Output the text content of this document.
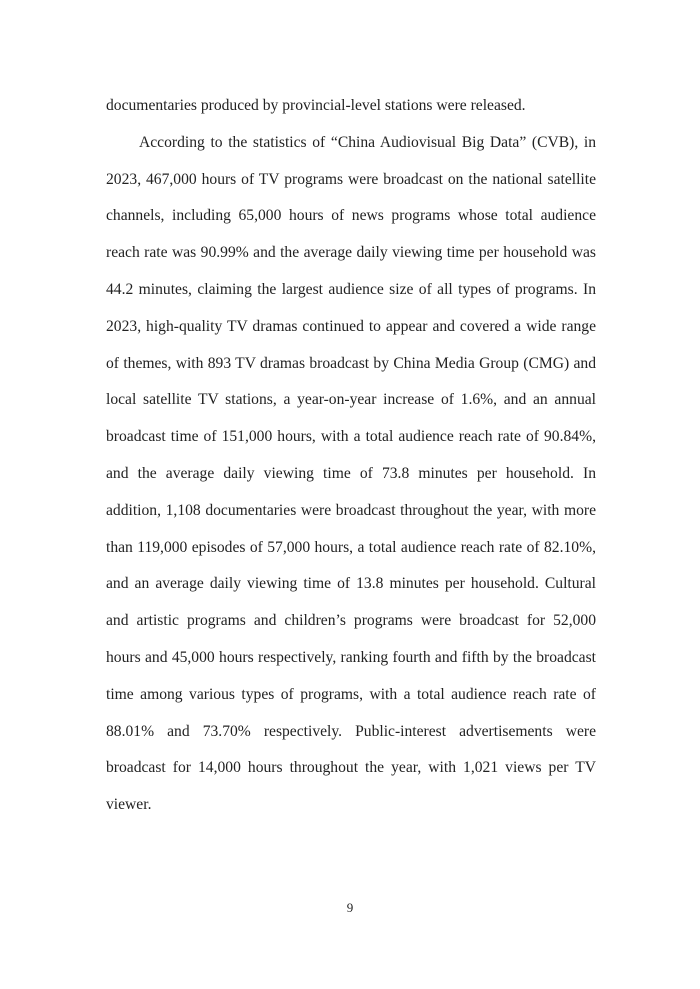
documentaries produced by provincial-level stations were released.

According to the statistics of “China Audiovisual Big Data” (CVB), in 2023, 467,000 hours of TV programs were broadcast on the national satellite channels, including 65,000 hours of news programs whose total audience reach rate was 90.99% and the average daily viewing time per household was 44.2 minutes, claiming the largest audience size of all types of programs. In 2023, high-quality TV dramas continued to appear and covered a wide range of themes, with 893 TV dramas broadcast by China Media Group (CMG) and local satellite TV stations, a year-on-year increase of 1.6%, and an annual broadcast time of 151,000 hours, with a total audience reach rate of 90.84%, and the average daily viewing time of 73.8 minutes per household. In addition, 1,108 documentaries were broadcast throughout the year, with more than 119,000 episodes of 57,000 hours, a total audience reach rate of 82.10%, and an average daily viewing time of 13.8 minutes per household. Cultural and artistic programs and children’s programs were broadcast for 52,000 hours and 45,000 hours respectively, ranking fourth and fifth by the broadcast time among various types of programs, with a total audience reach rate of 88.01% and 73.70% respectively. Public-interest advertisements were broadcast for 14,000 hours throughout the year, with 1,021 views per TV viewer.

9
